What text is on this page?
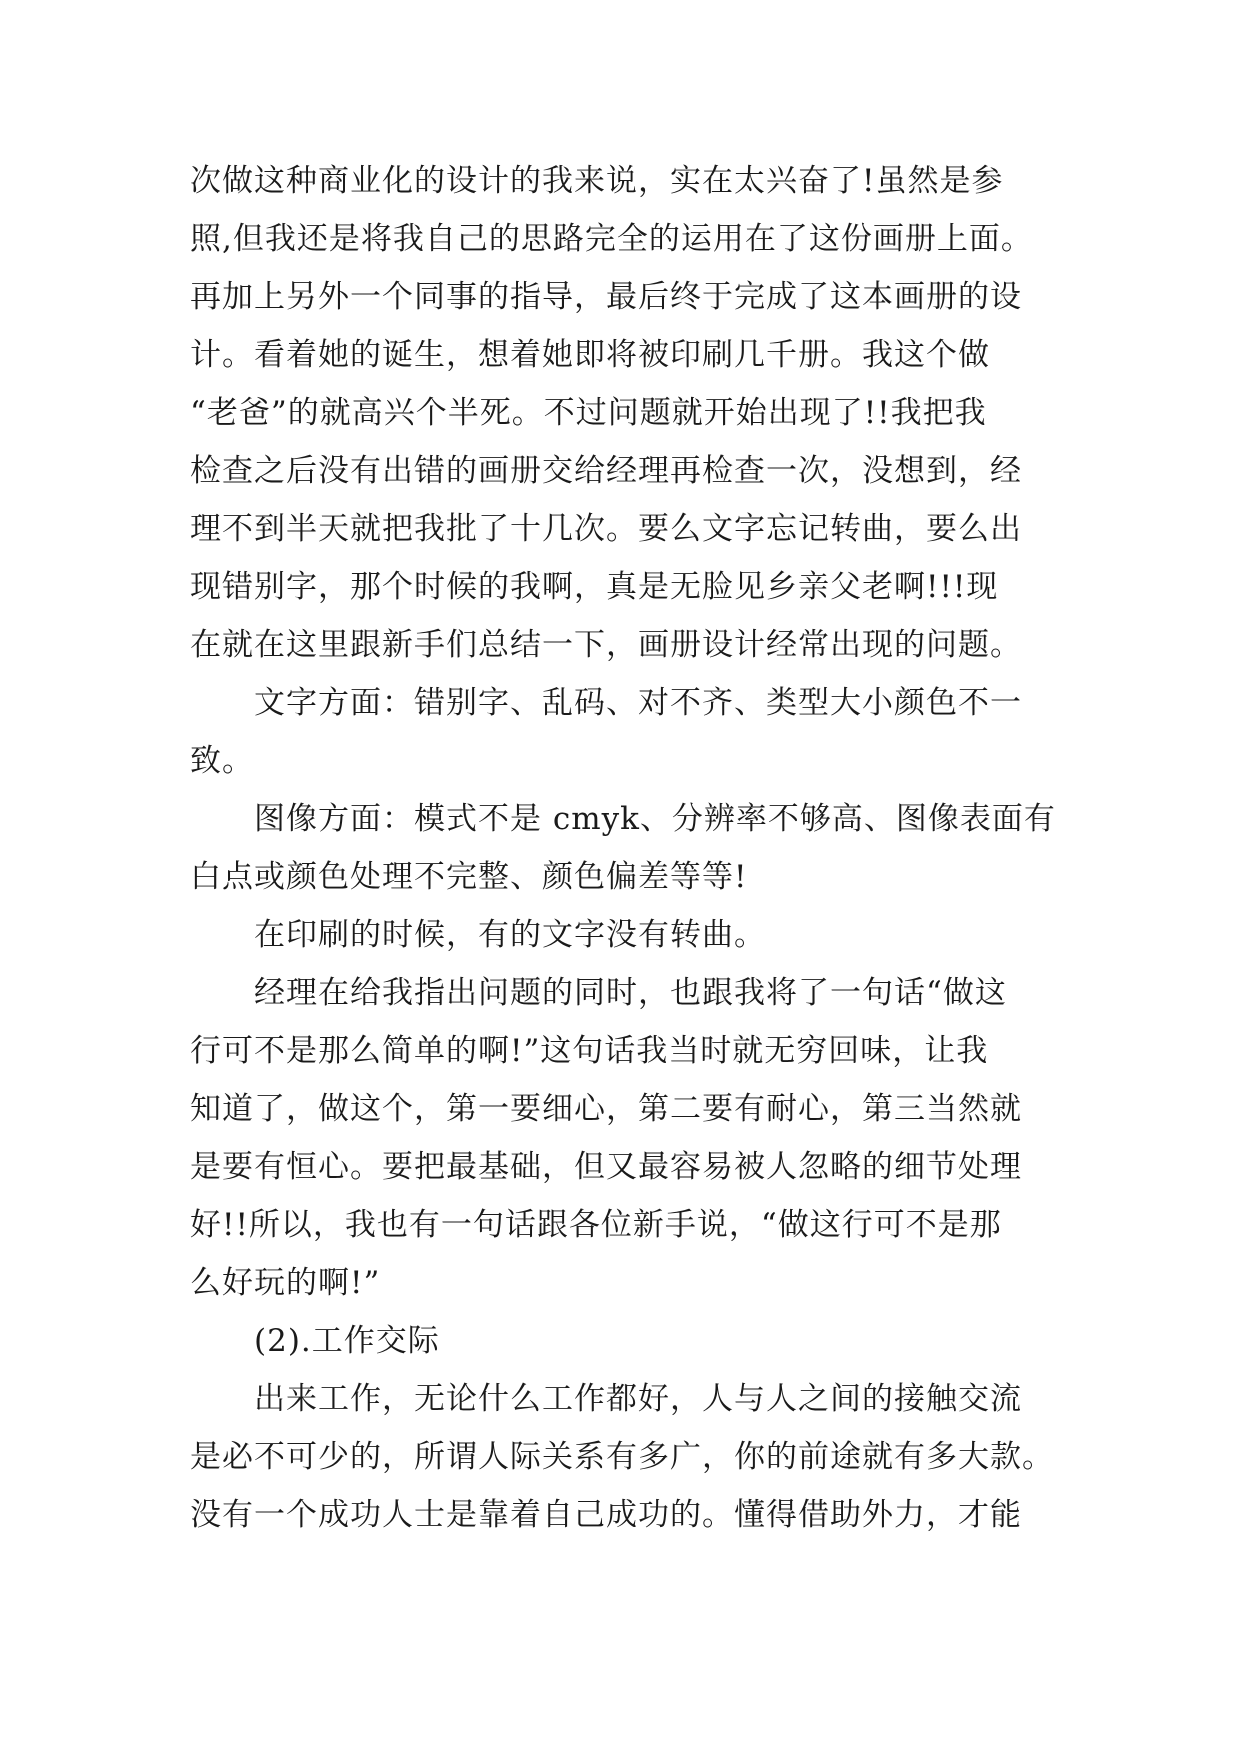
次做这种商业化的设计的我来说，实在太兴奋了!虽然是参
照,但我还是将我自己的思路完全的运用在了这份画册上面。
再加上另外一个同事的指导，最后终于完成了这本画册的设
计。看着她的诞生，想着她即将被印刷几千册。我这个做
“老爸”的就高兴个半死。不过问题就开始出现了!!我把我
检查之后没有出错的画册交给经理再检查一次，没想到，经
理不到半天就把我批了十几次。要么文字忘记转曲，要么出
现错别字，那个时候的我啊，真是无脸见乡亲父老啊!!!现
在就在这里跟新手们总结一下，画册设计经常出现的问题。
文字方面：错别字、乱码、对不齐、类型大小颜色不一
致。
图像方面：模式不是 cmyk、分辨率不够高、图像表面有
白点或颜色处理不完整、颜色偏差等等!
在印刷的时候，有的文字没有转曲。
经理在给我指出问题的同时，也跟我将了一句话“做这
行可不是那么简单的啊!”这句话我当时就无穷回味，让我
知道了，做这个，第一要细心，第二要有耐心，第三当然就
是要有恒心。要把最基础，但又最容易被人忽略的细节处理
好!!所以，我也有一句话跟各位新手说，“做这行可不是那
么好玩的啊!”
(2).工作交际
出来工作，无论什么工作都好，人与人之间的接触交流
是必不可少的，所谓人际关系有多广，你的前途就有多大款。
没有一个成功人士是靠着自己成功的。懂得借助外力，才能
